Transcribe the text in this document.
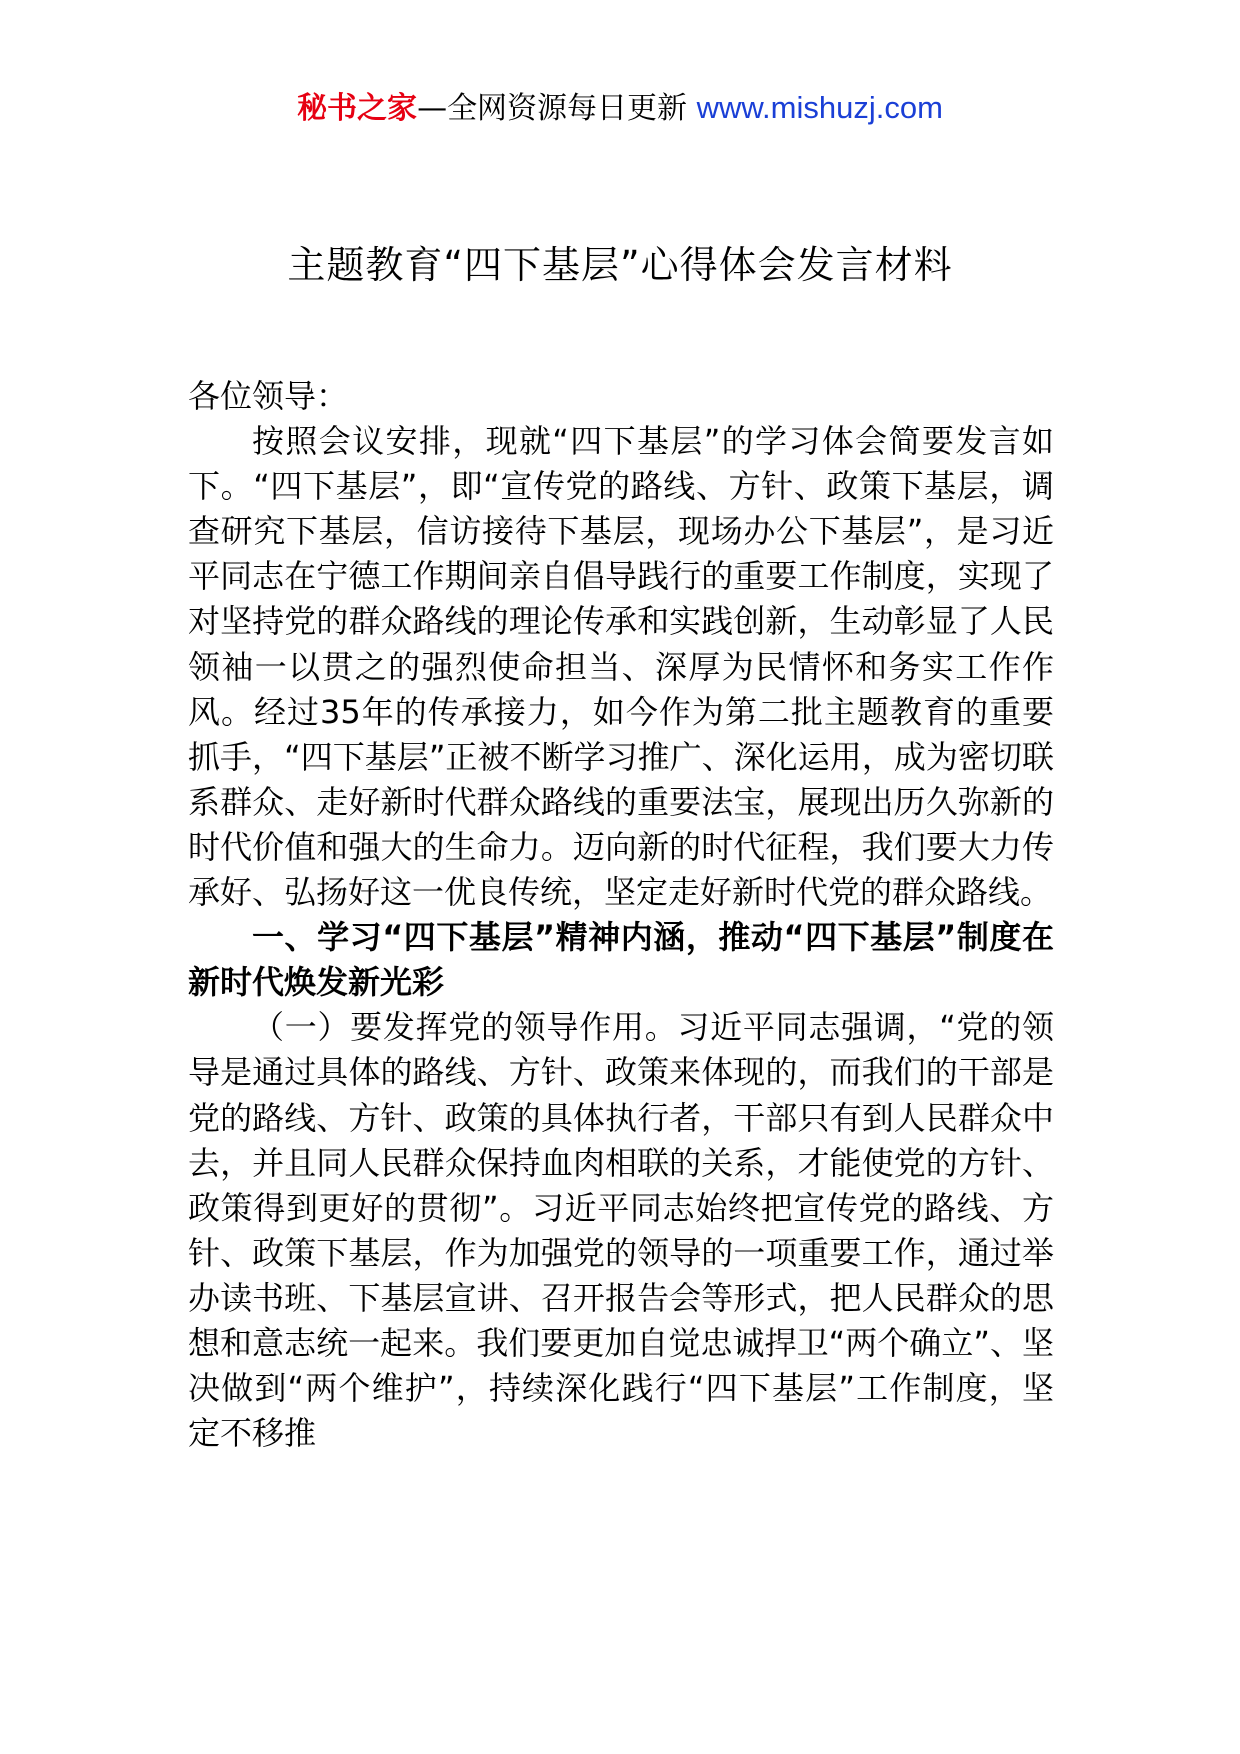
秘书之家—全网资源每日更新 www.mishuzj.com
主题教育“四下基层”心得体会发言材料

各位领导：

按照会议安排，现就“四下基层”的学习体会简要发言如下。“四下基层”，即“宣传党的路线、方针、政策下基层，调查研究下基层，信访接待下基层，现场办公下基层”，是习近平同志在宁德工作期间亲自倡导践行的重要工作制度，实现了对坚持党的群众路线的理论传承和实践创新，生动彰显了人民领袖一以贯之的强烈使命担当、深厚为民情怀和务实工作作风。经过35年的传承接力，如今作为第二批主题教育的重要抓手，“四下基层”正被不断学习推广、深化运用，成为密切联系群众、走好新时代群众路线的重要法宝，展现出历久弥新的时代价值和强大的生命力。迈向新的时代征程，我们要大力传承好、弘扬好这一优良传统，坚定走好新时代党的群众路线。

一、学习“四下基层”精神内涵，推动“四下基层”制度在新时代焕发新光彩

（一）要发挥党的领导作用。习近平同志强调，“党的领导是通过具体的路线、方针、政策来体现的，而我们的干部是党的路线、方针、政策的具体执行者，干部只有到人民群众中去，并且同人民群众保持血肉相联的关系，才能使党的方针、政策得到更好的贯彻”。习近平同志始终把宣传党的路线、方针、政策下基层，作为加强党的领导的一项重要工作，通过举办读书班、下基层宣讲、召开报告会等形式，把人民群众的思想和意志统一起来。我们要更加自觉忠诚捍卫“两个确立”、坚决做到“两个维护”，持续深化践行“四下基层”工作制度，坚定不移推
